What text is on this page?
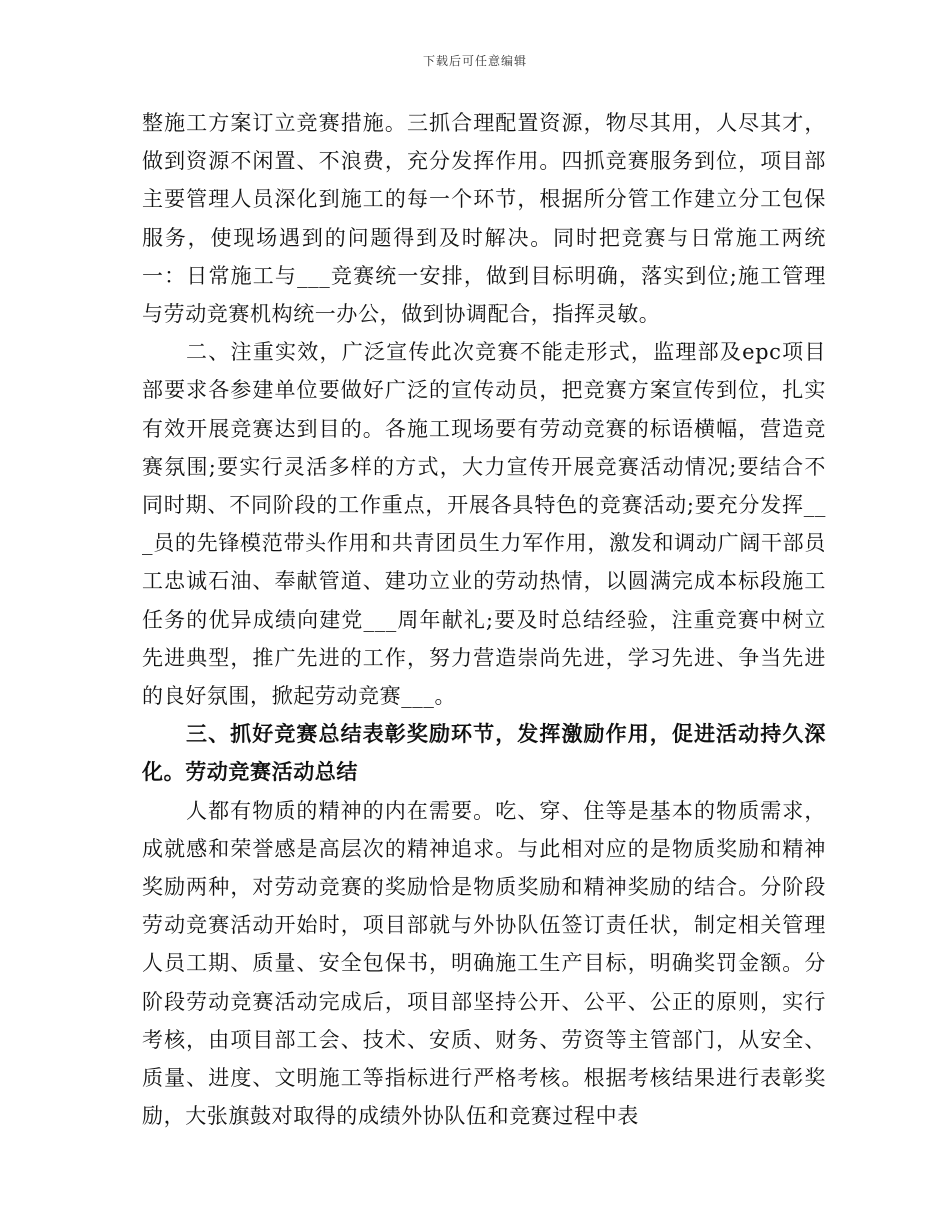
下载后可任意编辑

整施工方案订立竞赛措施。三抓合理配置资源，物尽其用，人尽其才，做到资源不闲置、不浪费，充分发挥作用。四抓竞赛服务到位，项目部主要管理人员深化到施工的每一个环节，根据所分管工作建立分工包保服务，使现场遇到的问题得到及时解决。同时把竞赛与日常施工两统一：日常施工与___竞赛统一安排，做到目标明确，落实到位;施工管理与劳动竞赛机构统一办公，做到协调配合，指挥灵敏。

二、注重实效，广泛宣传此次竞赛不能走形式，监理部及epc项目部要求各参建单位要做好广泛的宣传动员，把竞赛方案宣传到位，扎实有效开展竞赛达到目的。各施工现场要有劳动竞赛的标语横幅，营造竞赛氛围;要实行灵活多样的方式，大力宣传开展竞赛活动情况;要结合不同时期、不同阶段的工作重点，开展各具特色的竞赛活动;要充分发挥___员的先锋模范带头作用和共青团员生力军作用，激发和调动广阔干部员工忠诚石油、奉献管道、建功立业的劳动热情，以圆满完成本标段施工任务的优异成绩向建党___周年献礼;要及时总结经验，注重竞赛中树立先进典型，推广先进的工作，努力营造崇尚先进，学习先进、争当先进的良好氛围，掀起劳动竞赛___。

三、抓好竞赛总结表彰奖励环节，发挥激励作用，促进活动持久深化。劳动竞赛活动总结

人都有物质的精神的内在需要。吃、穿、住等是基本的物质需求，成就感和荣誉感是高层次的精神追求。与此相对应的是物质奖励和精神奖励两种，对劳动竞赛的奖励恰是物质奖励和精神奖励的结合。分阶段劳动竞赛活动开始时，项目部就与外协队伍签订责任状，制定相关管理人员工期、质量、安全包保书，明确施工生产目标，明确奖罚金额。分阶段劳动竞赛活动完成后，项目部坚持公开、公平、公正的原则，实行考核，由项目部工会、技术、安质、财务、劳资等主管部门，从安全、质量、进度、文明施工等指标进行严格考核。根据考核结果进行表彰奖励，大张旗鼓对取得的成绩外协队伍和竞赛过程中表
